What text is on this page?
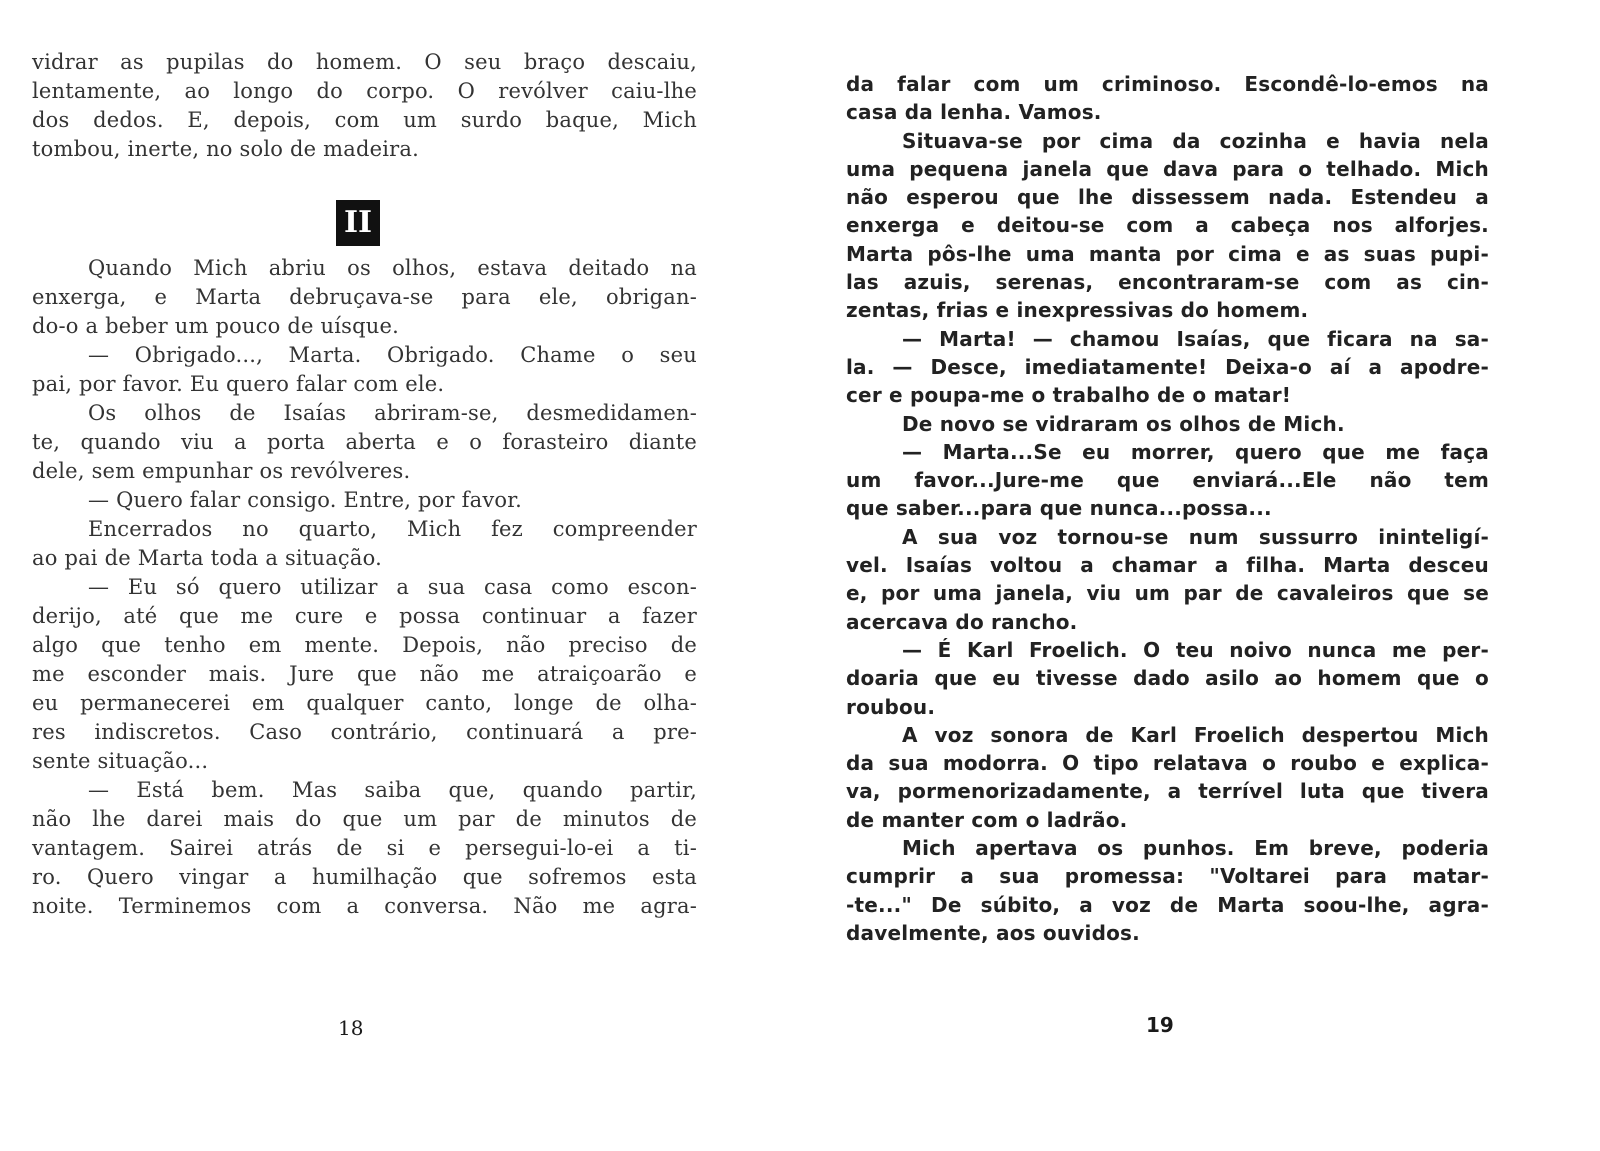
vidrar as pupilas do homem. O seu braço descaiu,
lentamente, ao longo do corpo. O revólver caiu-lhe
dos dedos. E, depois, com um surdo baque, Mich
tombou, inerte, no solo de madeira.
Quando Mich abriu os olhos, estava deitado na
enxerga, e Marta debruçava-se para ele, obrigan-
do-o a beber um pouco de uísque.
— Obrigado..., Marta. Obrigado. Chame o seu
pai, por favor. Eu quero falar com ele.
Os olhos de Isaías abriram-se, desmedidamen-
te, quando viu a porta aberta e o forasteiro diante
dele, sem empunhar os revólveres.
— Quero falar consigo. Entre, por favor.
Encerrados no quarto, Mich fez compreender
ao pai de Marta toda a situação.
— Eu só quero utilizar a sua casa como escon-
derijo, até que me cure e possa continuar a fazer
algo que tenho em mente. Depois, não preciso de
me esconder mais. Jure que não me atraiçoarão e
eu permanecerei em qualquer canto, longe de olha-
res indiscretos. Caso contrário, continuará a pre-
sente situação...
— Está bem. Mas saiba que, quando partir,
não lhe darei mais do que um par de minutos de
vantagem. Sairei atrás de si e persegui-lo-ei a ti-
ro. Quero vingar a humilhação que sofremos esta
noite. Terminemos com a conversa. Não me agra-
II
18
da falar com um criminoso. Escondê-lo-emos na
casa da lenha. Vamos.
Situava-se por cima da cozinha e havia nela
uma pequena janela que dava para o telhado. Mich
não esperou que lhe dissessem nada. Estendeu a
enxerga e deitou-se com a cabeça nos alforjes.
Marta pôs-lhe uma manta por cima e as suas pupi-
las azuis, serenas, encontraram-se com as cin-
zentas, frias e inexpressivas do homem.
— Marta! — chamou Isaías, que ficara na sa-
la. — Desce, imediatamente! Deixa-o aí a apodre-
cer e poupa-me o trabalho de o matar!
De novo se vidraram os olhos de Mich.
— Marta...Se eu morrer, quero que me faça
um favor...Jure-me que enviará...Ele não tem
que saber...para que nunca...possa...
A sua voz tornou-se num sussurro ininteligí-
vel. Isaías voltou a chamar a filha. Marta desceu
e, por uma janela, viu um par de cavaleiros que se
acercava do rancho.
— É Karl Froelich. O teu noivo nunca me per-
doaria que eu tivesse dado asilo ao homem que o
roubou.
A voz sonora de Karl Froelich despertou Mich
da sua modorra. O tipo relatava o roubo e explica-
va, pormenorizadamente, a terrível luta que tivera
de manter com o ladrão.
Mich apertava os punhos. Em breve, poderia
cumprir a sua promessa: "Voltarei para matar-
-te..." De súbito, a voz de Marta soou-lhe, agra-
davelmente, aos ouvidos.
19
